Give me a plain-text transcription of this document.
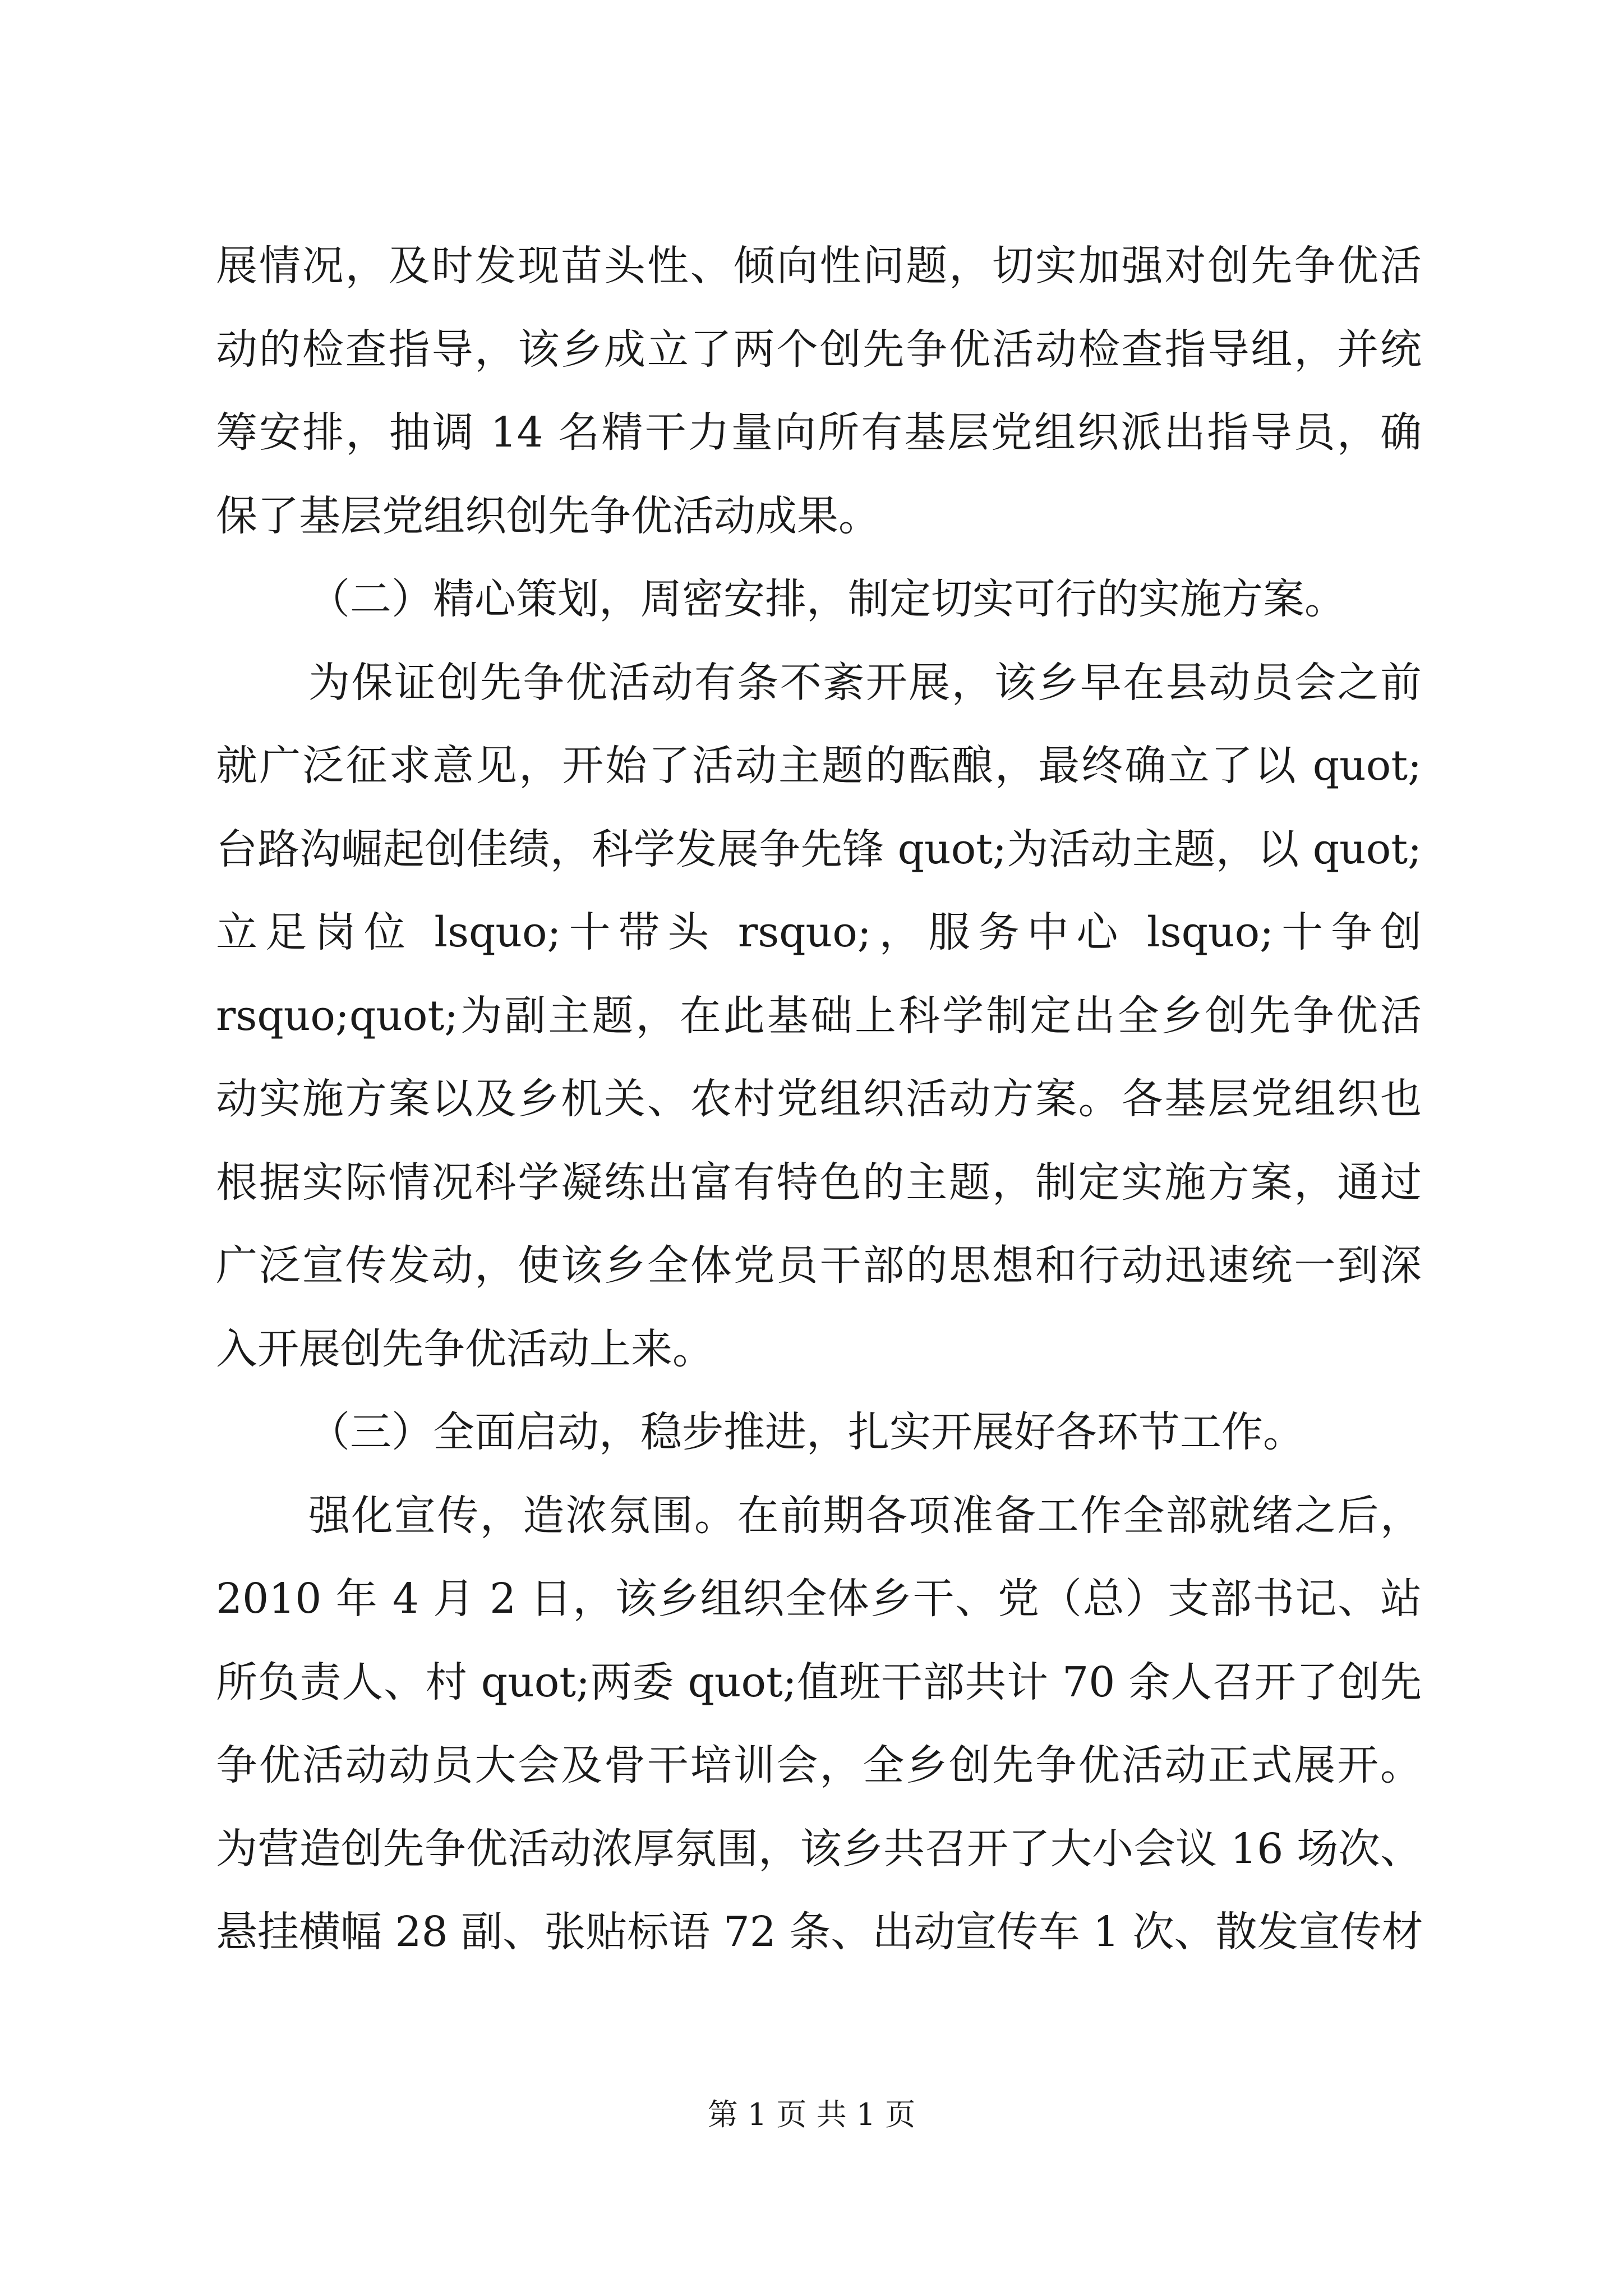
展情况，及时发现苗头性、倾向性问题，切实加强对创先争优活
动的检查指导，该乡成立了两个创先争优活动检查指导组，并统
筹安排，抽调 14 名精干力量向所有基层党组织派出指导员，确
保了基层党组织创先争优活动成果。
（二）精心策划，周密安排，制定切实可行的实施方案。
为保证创先争优活动有条不紊开展，该乡早在县动员会之前
就广泛征求意见，开始了活动主题的酝酿，最终确立了以 quot;
台路沟崛起创佳绩，科学发展争先锋 quot;为活动主题，以 quot;
立足岗位 lsquo;十带头 rsquo;，服务中心 lsquo;十争创
rsquo;quot;为副主题，在此基础上科学制定出全乡创先争优活
动实施方案以及乡机关、农村党组织活动方案。各基层党组织也
根据实际情况科学凝练出富有特色的主题，制定实施方案，通过
广泛宣传发动，使该乡全体党员干部的思想和行动迅速统一到深
入开展创先争优活动上来。
（三）全面启动，稳步推进，扎实开展好各环节工作。
强化宣传，造浓氛围。在前期各项准备工作全部就绪之后，
2010 年 4 月 2 日，该乡组织全体乡干、党（总）支部书记、站
所负责人、村 quot;两委 quot;值班干部共计 70 余人召开了创先
争优活动动员大会及骨干培训会，全乡创先争优活动正式展开。
为营造创先争优活动浓厚氛围，该乡共召开了大小会议 16 场次、
悬挂横幅 28 副、张贴标语 72 条、出动宣传车 1 次、散发宣传材
第 1 页 共 1 页
